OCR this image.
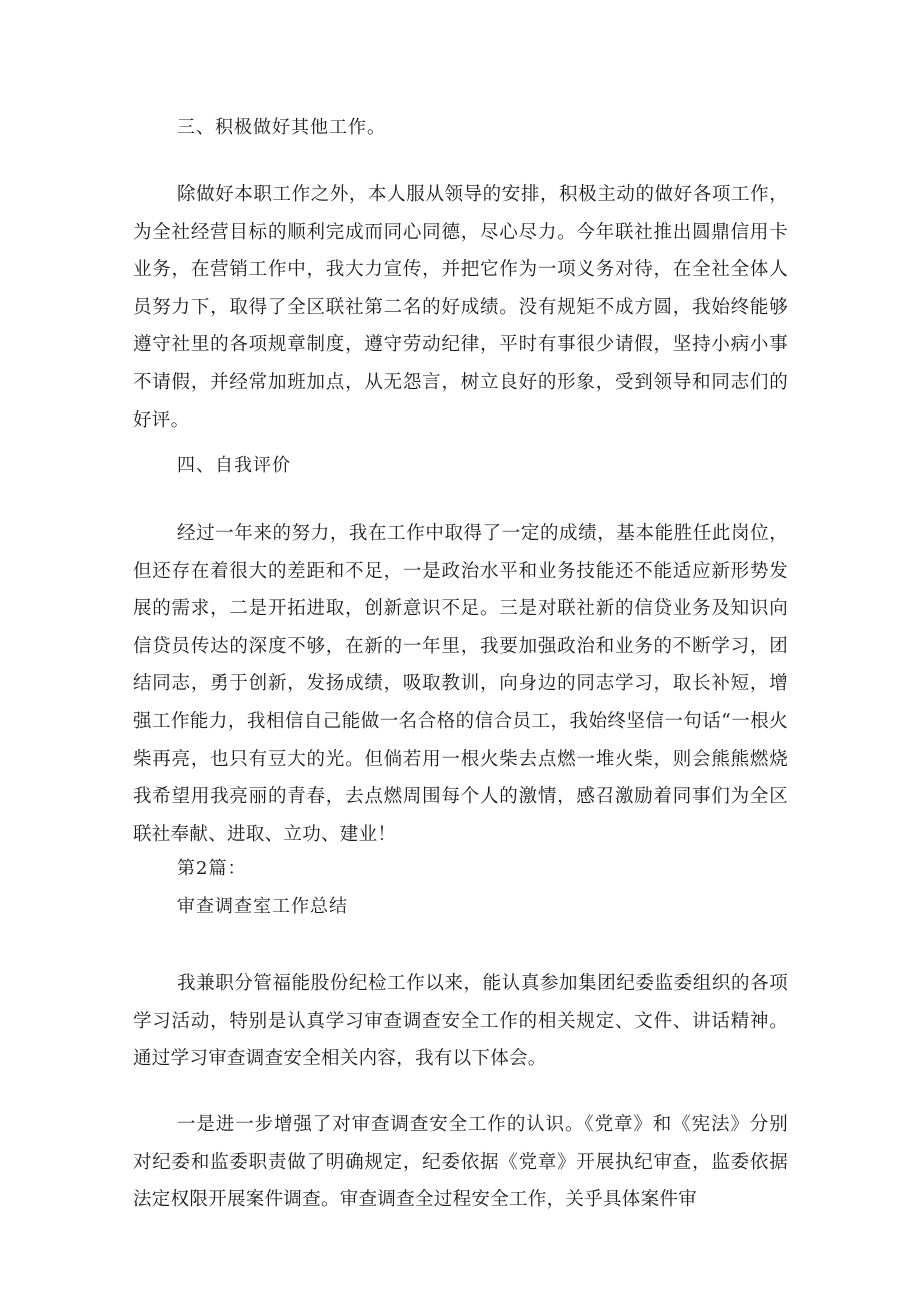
三、积极做好其他工作。

除做好本职工作之外，本人服从领导的安排，积极主动的做好各项工作，为全社经营目标的顺利完成而同心同德，尽心尽力。今年联社推出圆鼎信用卡业务，在营销工作中，我大力宣传，并把它作为一项义务对待，在全社全体人员努力下，取得了全区联社第二名的好成绩。没有规矩不成方圆，我始终能够遵守社里的各项规章制度，遵守劳动纪律，平时有事很少请假，坚持小病小事不请假，并经常加班加点，从无怨言，树立良好的形象，受到领导和同志们的好评。

四、自我评价

经过一年来的努力，我在工作中取得了一定的成绩，基本能胜任此岗位，但还存在着很大的差距和不足，一是政治水平和业务技能还不能适应新形势发展的需求，二是开拓进取，创新意识不足。三是对联社新的信贷业务及知识向信贷员传达的深度不够，在新的一年里，我要加强政治和业务的不断学习，团结同志，勇于创新，发扬成绩，吸取教训，向身边的同志学习，取长补短，增强工作能力，我相信自己能做一名合格的信合员工，我始终坚信一句话“一根火柴再亮，也只有豆大的光。但倘若用一根火柴去点燃一堆火柴，则会熊熊燃烧我希望用我亮丽的青春，去点燃周围每个人的激情，感召激励着同事们为全区联社奉献、进取、立功、建业！

第2篇：
审查调查室工作总结

我兼职分管福能股份纪检工作以来，能认真参加集团纪委监委组织的各项学习活动，特别是认真学习审查调查安全工作的相关规定、文件、讲话精神。通过学习审查调查安全相关内容，我有以下体会。

一是进一步增强了对审查调查安全工作的认识。《党章》和《宪法》分别对纪委和监委职责做了明确规定，纪委依据《党章》开展执纪审查，监委依据法定权限开展案件调查。审查调查全过程安全工作，关乎具体案件审
